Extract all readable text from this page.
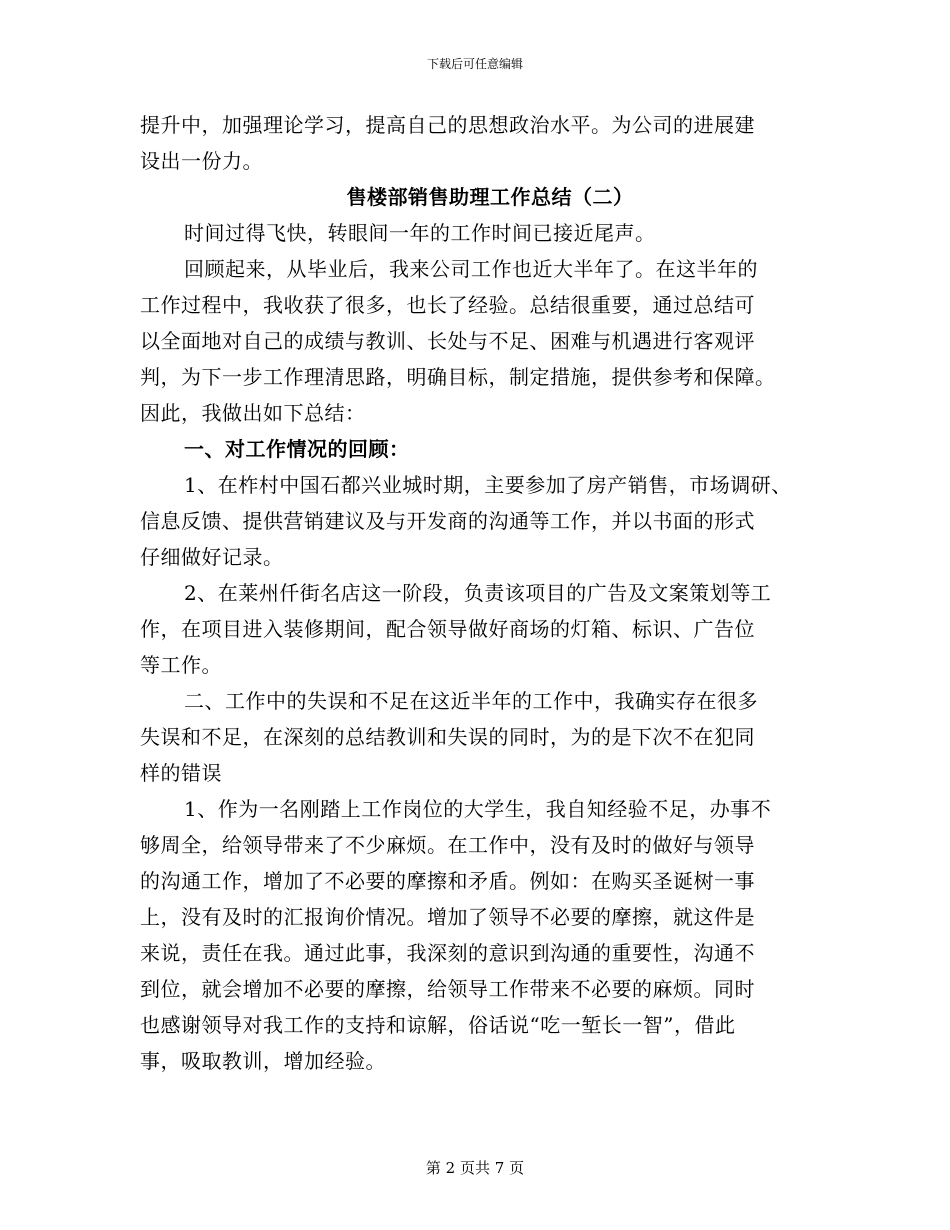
下载后可任意编辑
提升中，加强理论学习，提高自己的思想政治水平。为公司的进展建
设出一份力。
售楼部销售助理工作总结（二）
时间过得飞快，转眼间一年的工作时间已接近尾声。
回顾起来，从毕业后，我来公司工作也近大半年了。在这半年的
工作过程中，我收获了很多，也长了经验。总结很重要，通过总结可
以全面地对自己的成绩与教训、长处与不足、困难与机遇进行客观评
判，为下一步工作理清思路，明确目标，制定措施，提供参考和保障。
因此，我做出如下总结：
一、对工作情况的回顾：
1、在柞村中国石都兴业城时期，主要参加了房产销售，市场调研、
信息反馈、提供营销建议及与开发商的沟通等工作，并以书面的形式
仔细做好记录。
2、在莱州仟街名店这一阶段，负责该项目的广告及文案策划等工
作，在项目进入装修期间，配合领导做好商场的灯箱、标识、广告位
等工作。
二、工作中的失误和不足在这近半年的工作中，我确实存在很多
失误和不足，在深刻的总结教训和失误的同时，为的是下次不在犯同
样的错误
1、作为一名刚踏上工作岗位的大学生，我自知经验不足，办事不
够周全，给领导带来了不少麻烦。在工作中，没有及时的做好与领导
的沟通工作，增加了不必要的摩擦和矛盾。例如：在购买圣诞树一事
上，没有及时的汇报询价情况。增加了领导不必要的摩擦，就这件是
来说，责任在我。通过此事，我深刻的意识到沟通的重要性，沟通不
到位，就会增加不必要的摩擦，给领导工作带来不必要的麻烦。同时
也感谢领导对我工作的支持和谅解，俗话说“吃一堑长一智”，借此
事，吸取教训，增加经验。
第 2 页共 7 页
